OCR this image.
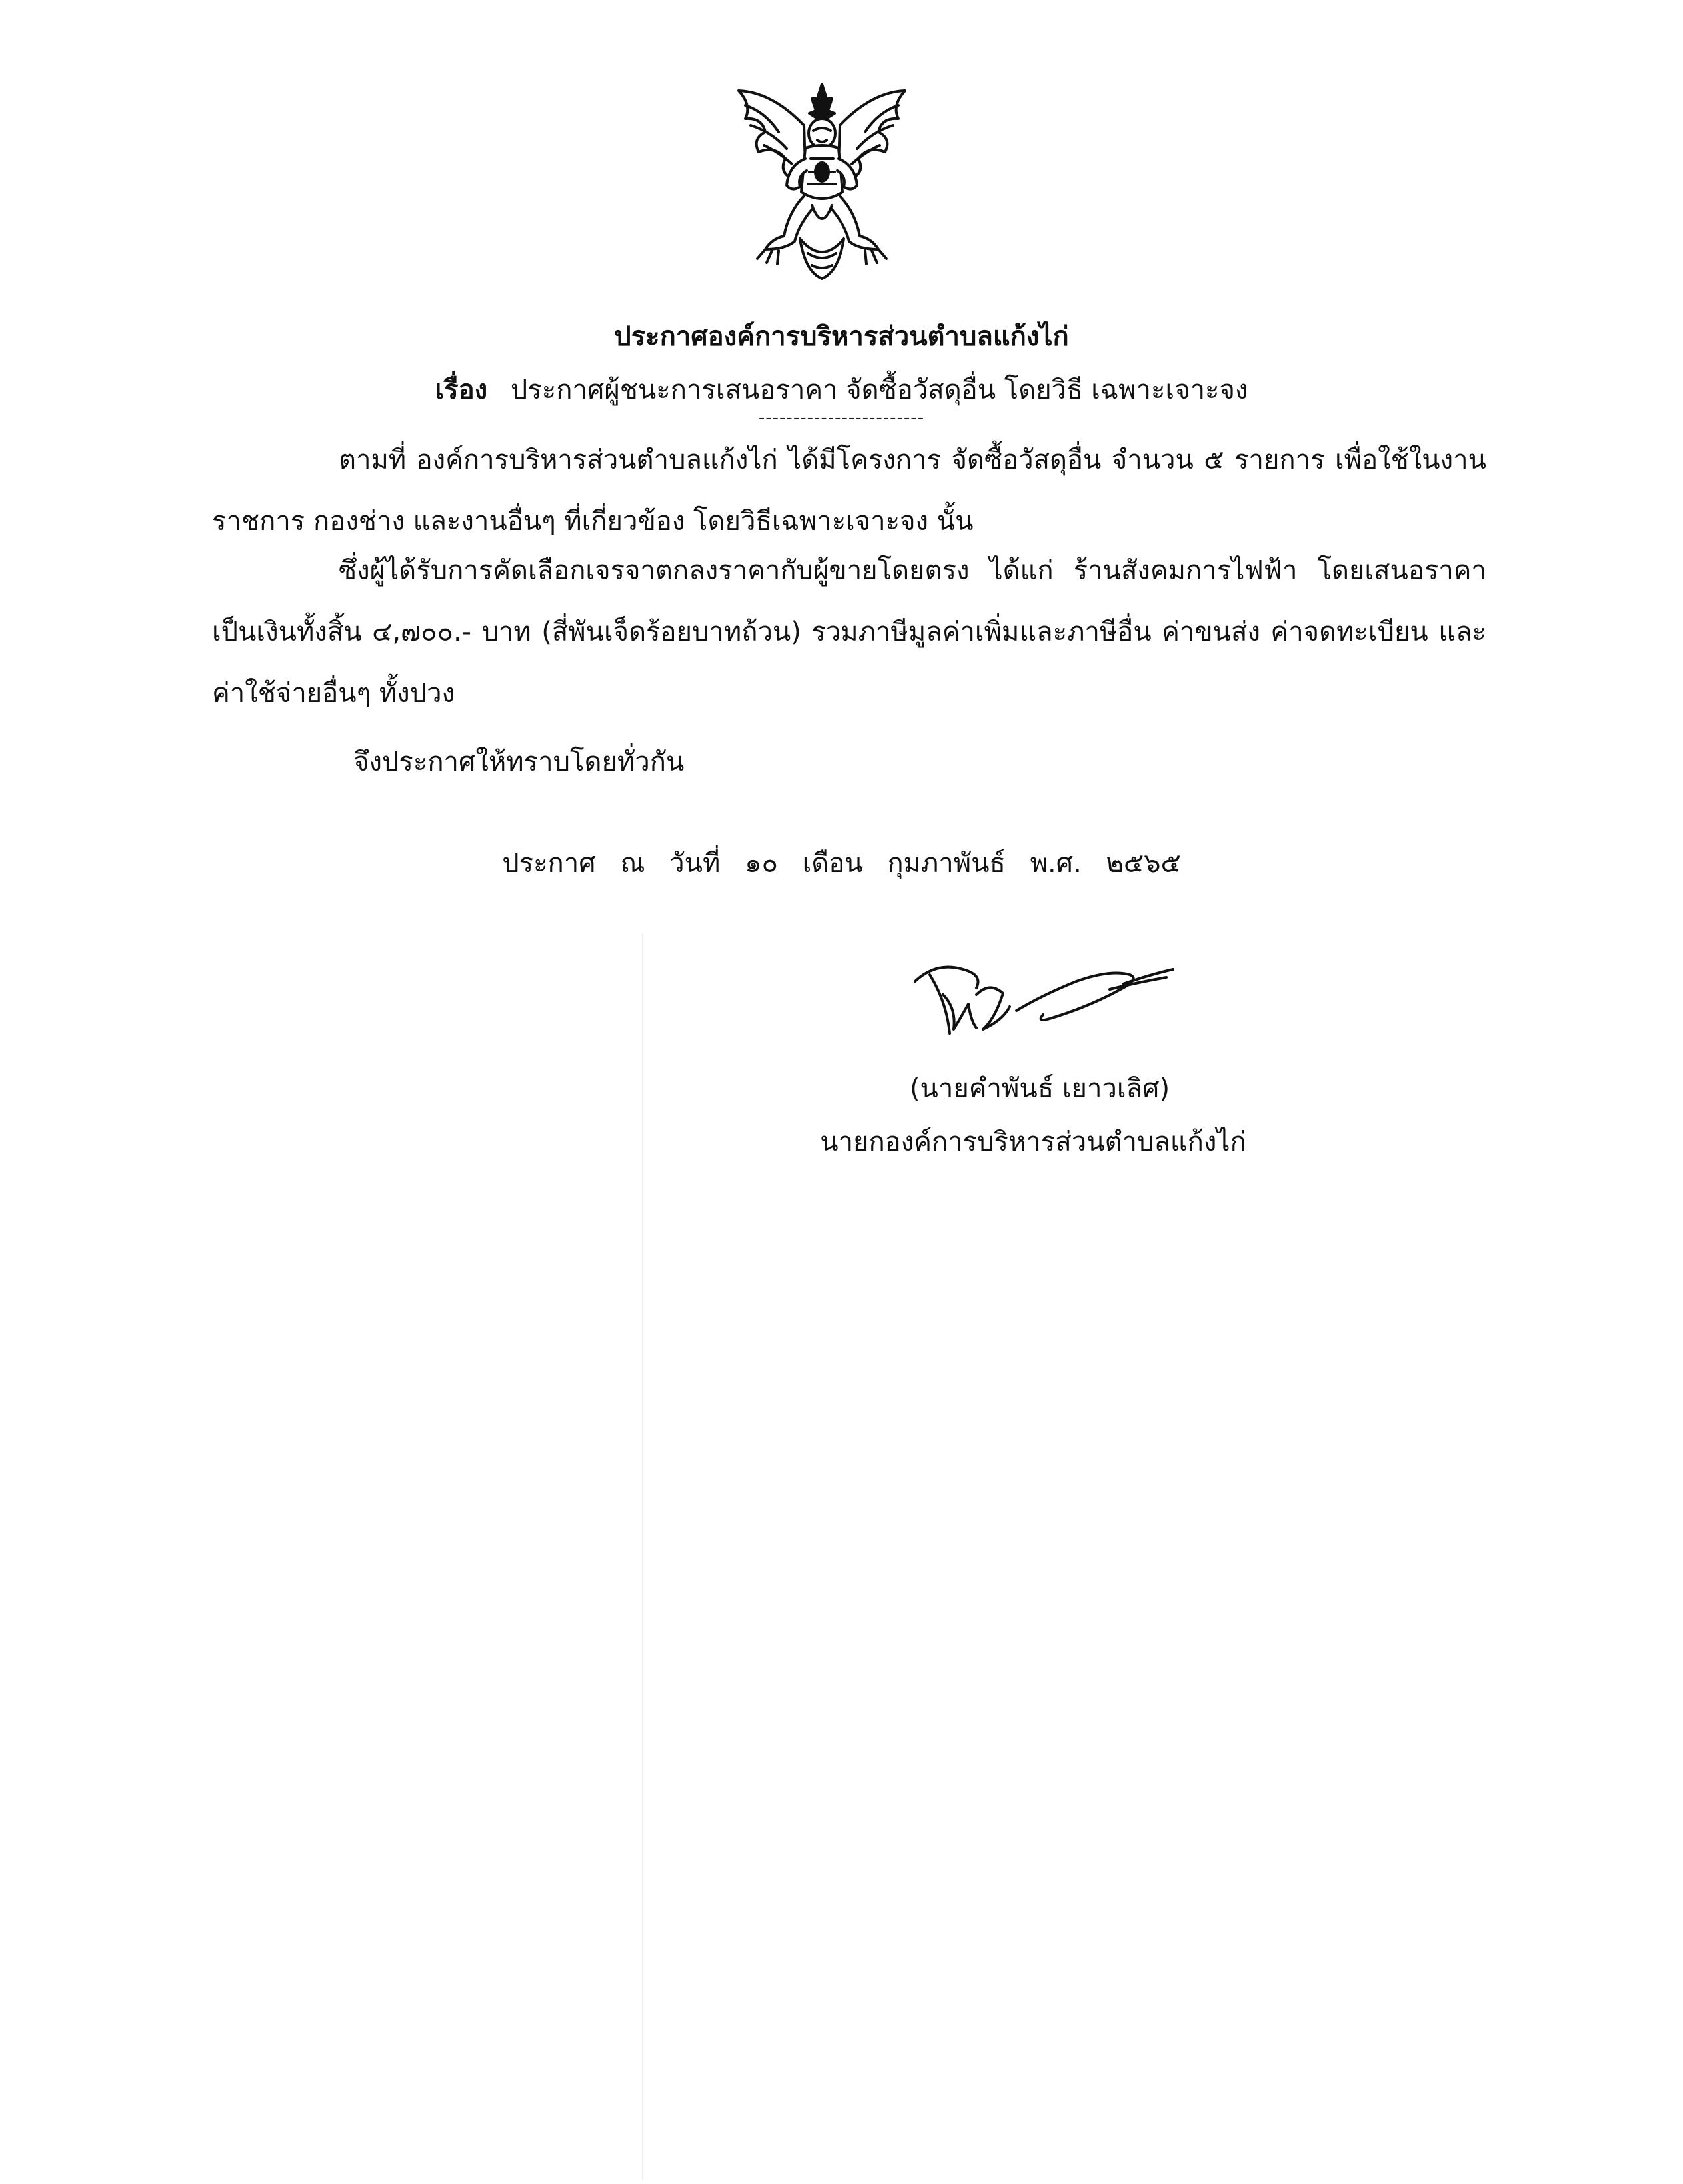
ประกาศองค์การบริหารส่วนตำบลแก้งไก่
เรื่อง ประกาศผู้ชนะการเสนอราคา จัดซื้อวัสดุอื่น โดยวิธี เฉพาะเจาะจง
------------------------
ตามที่ องค์การบริหารส่วนตำบลแก้งไก่ ได้มีโครงการ จัดซื้อวัสดุอื่น จำนวน ๕ รายการ เพื่อใช้ในงานราชการ กองช่าง และงานอื่นๆ ที่เกี่ยวข้อง โดยวิธีเฉพาะเจาะจง นั้น
ซึ่งผู้ได้รับการคัดเลือกเจรจาตกลงราคากับผู้ขายโดยตรง ได้แก่ ร้านสังคมการไฟฟ้า โดยเสนอราคา เป็นเงินทั้งสิ้น ๔,๗๐๐.- บาท (สี่พันเจ็ดร้อยบาทถ้วน) รวมภาษีมูลค่าเพิ่มและภาษีอื่น ค่าขนส่ง ค่าจดทะเบียน และค่าใช้จ่ายอื่นๆ ทั้งปวง
จึงประกาศให้ทราบโดยทั่วกัน
ประกาศ ณ วันที่ ๑๐ เดือน กุมภาพันธ์ พ.ศ. ๒๕๖๕
(นายคำพันธ์ เยาวเลิศ)
นายกองค์การบริหารส่วนตำบลแก้งไก่
